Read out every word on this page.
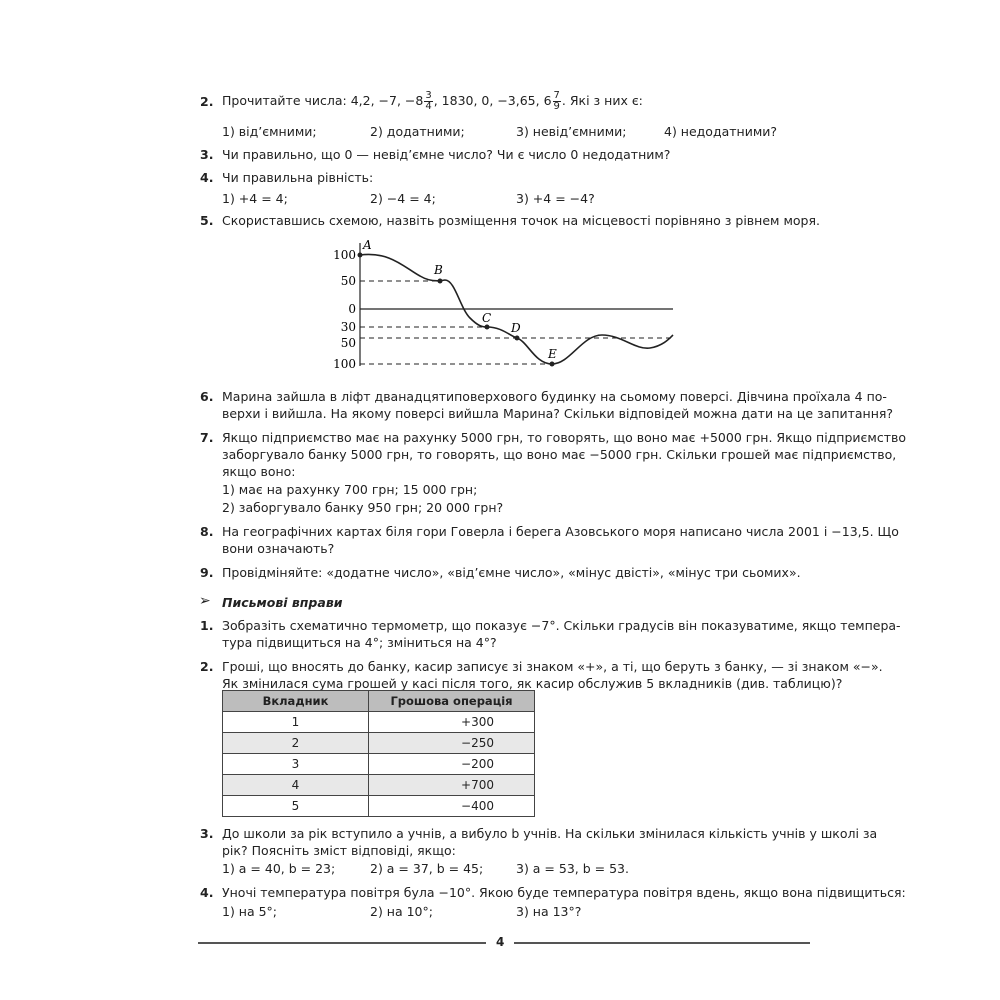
2. Прочитайте числа: 4,2, −7, $-8 \frac{3}{4}$ , 1830, 0, −3,65, $6 \frac{7}{9}$ . Які з них є:
1) від’ємними;	2) додатними;	3) невід’ємними;	4) недодатними?
3. Чи правильно, що 0 — невід’ємне число? Чи є число 0 недодатним?
4. Чи правильна рівність:
1) +4 = 4;	2) −4 = 4;	3) +4 = −4?
5. Скориставшись схемою, назвіть розміщення точок на місцевості порівняно з рівнем моря.
100
50
0
30
50
100
A
B
C
D
E
6. Марина зайшла в ліфт дванадцятиповерхового будинку на сьомому поверсі. Дівчина проїхала 4 по-
верхи і вийшла. На якому поверсі вийшла Марина? Скільки відповідей можна дати на це запитання?
7. Якщо підприємство має на рахунку 5000 грн, то говорять, що воно має +5000 грн. Якщо підприємство
заборгувало банку 5000 грн, то говорять, що воно має −5000 грн. Скільки грошей має підприємство,
якщо воно:
1) має на рахунку 700 грн; 15 000 грн;
2) заборгувало банку 950 грн; 20 000 грн?
8. На географічних картах біля гори Говерла і берега Азовського моря написано числа 2001 і −13,5. Що
вони означають?
9. Провідміняйте: «додатне число», «від’ємне число», «мінус двісті», «мінус три сьомих».
➢ Письмові вправи
1. Зобразіть схематично термометр, що показує −7°. Скільки градусів він показуватиме, якщо темпера-
тура підвищиться на 4°; зміниться на 4°?
2. Гроші, що вносять до банку, касир записує зі знаком «+», а ті, що беруть з банку, — зі знаком «−».
Як змінилася сума грошей у касі після того, як касир обслужив 5 вкладників (див. таблицю)?
Вкладник	Грошова операція
1	+300
2	−250
3	−200
4	+700
5	−400
3. До школи за рік вступило a учнів, а вибуло b учнів. На скільки змінилася кількість учнів у школі за
рік? Поясніть зміст відповіді, якщо:
1) a = 40, b = 23;	2) a = 37, b = 45;	3) a = 53, b = 53.
4. Уночі температура повітря була −10°. Якою буде температура повітря вдень, якщо вона підвищиться:
1) на 5°;	2) на 10°;	3) на 13°?
4
